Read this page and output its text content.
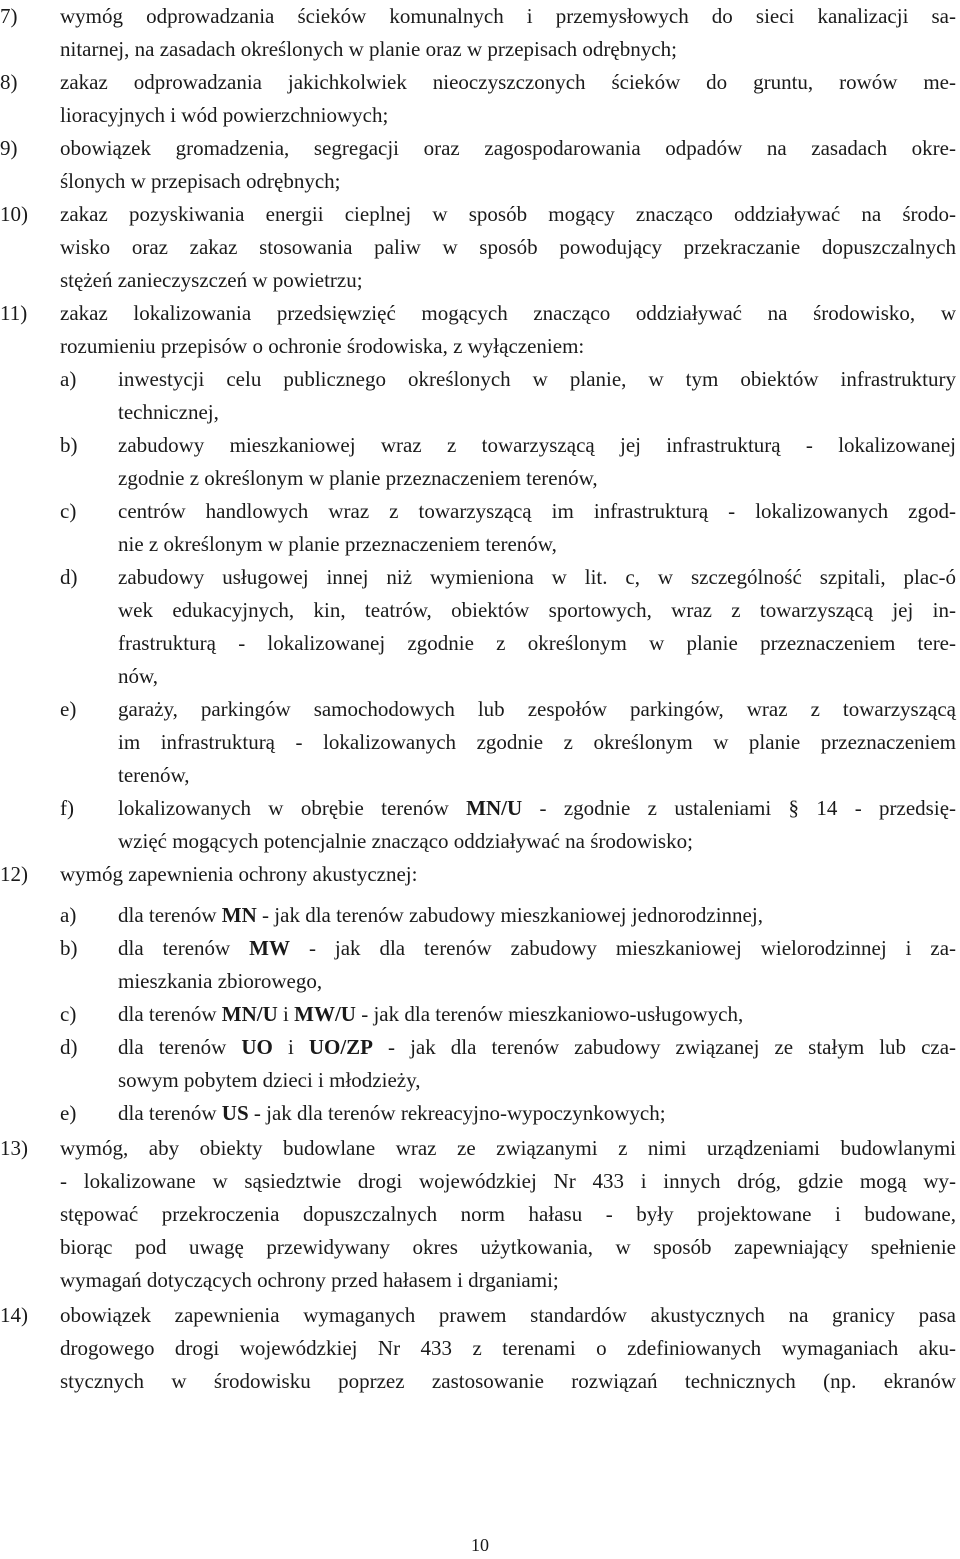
7) wymóg odprowadzania ścieków komunalnych i przemysłowych do sieci kanalizacji sa-
nitarnej, na zasadach określonych w planie oraz w przepisach odrębnych;
8) zakaz odprowadzania jakichkolwiek nieoczyszczonych ścieków do gruntu, rowów me-
lioracyjnych i wód powierzchniowych;
9) obowiązek gromadzenia, segregacji oraz zagospodarowania odpadów na zasadach okre-
ślonych w przepisach odrębnych;
10) zakaz pozyskiwania energii cieplnej w sposób mogący znacząco oddziaływać na środo-
wisko oraz zakaz stosowania paliw w sposób powodujący przekraczanie dopuszczalnych
stężeń zanieczyszczeń w powietrzu;
11) zakaz lokalizowania przedsięwzięć mogących znacząco oddziaływać na środowisko, w
rozumieniu przepisów o ochronie środowiska, z wyłączeniem:
a) inwestycji celu publicznego określonych w planie, w tym obiektów infrastruktury
technicznej,
b) zabudowy mieszkaniowej wraz z towarzyszącą jej infrastrukturą - lokalizowanej
zgodnie z określonym w planie przeznaczeniem terenów,
c) centrów handlowych wraz z towarzyszącą im infrastrukturą - lokalizowanych zgod-
nie z określonym w planie przeznaczeniem terenów,
d) zabudowy usługowej innej niż wymieniona w lit. c, w szczególność szpitali, plac-ó
wek edukacyjnych, kin, teatrów, obiektów sportowych, wraz z towarzyszącą jej in-
frastrukturą - lokalizowanej zgodnie z określonym w planie przeznaczeniem tere-
nów,
e) garaży, parkingów samochodowych lub zespołów parkingów, wraz z towarzyszącą
im infrastrukturą - lokalizowanych zgodnie z określonym w planie przeznaczeniem
terenów,
f) lokalizowanych w obrębie terenów MN/U - zgodnie z ustaleniami § 14 - przedsię-
wzięć mogących potencjalnie znacząco oddziaływać na środowisko;
12) wymóg zapewnienia ochrony akustycznej:
a) dla terenów MN - jak dla terenów zabudowy mieszkaniowej jednorodzinnej,
b) dla terenów MW - jak dla terenów zabudowy mieszkaniowej wielorodzinnej i za-
mieszkania zbiorowego,
c) dla terenów MN/U i MW/U - jak dla terenów mieszkaniowo-usługowych,
d) dla terenów UO i UO/ZP - jak dla terenów zabudowy związanej ze stałym lub cza-
sowym pobytem dzieci i młodzieży,
e) dla terenów US - jak dla terenów rekreacyjno-wypoczynkowych;
13) wymóg, aby obiekty budowlane wraz ze związanymi z nimi urządzeniami budowlanymi
- lokalizowane w sąsiedztwie drogi wojewódzkiej Nr 433 i innych dróg, gdzie mogą wy-
stępować przekroczenia dopuszczalnych norm hałasu - były projektowane i budowane,
biorąc pod uwagę przewidywany okres użytkowania, w sposób zapewniający spełnienie
wymagań dotyczących ochrony przed hałasem i drganiami;
14) obowiązek zapewnienia wymaganych prawem standardów akustycznych na granicy pasa
drogowego drogi wojewódzkiej Nr 433 z terenami o zdefiniowanych wymaganiach aku-
stycznych w środowisku poprzez zastosowanie rozwiązań technicznych (np. ekranów
10
